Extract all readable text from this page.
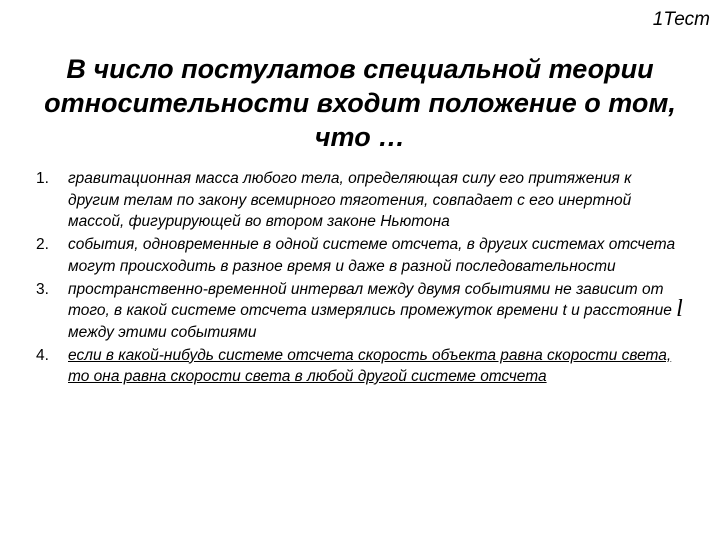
1Тест
В число постулатов специальной теории относительности входит положение о том, что …
1. гравитационная масса любого тела, определяющая силу его притяжения к другим телам по закону всемирного тяготения, совпадает с его инертной массой, фигурирующей во втором законе Ньютона
2. события, одновременные в одной системе отсчета, в других системах отсчета могут происходить в разное время и даже в разной последовательности
3. пространственно-временной интервал между двумя событиями не зависит от того, в какой системе отсчета измерялись промежуток времени t и расстояние l между этими событиями
4. если в какой-нибудь системе отсчета скорость объекта равна скорости света, то она равна скорости света в любой другой системе отсчета
